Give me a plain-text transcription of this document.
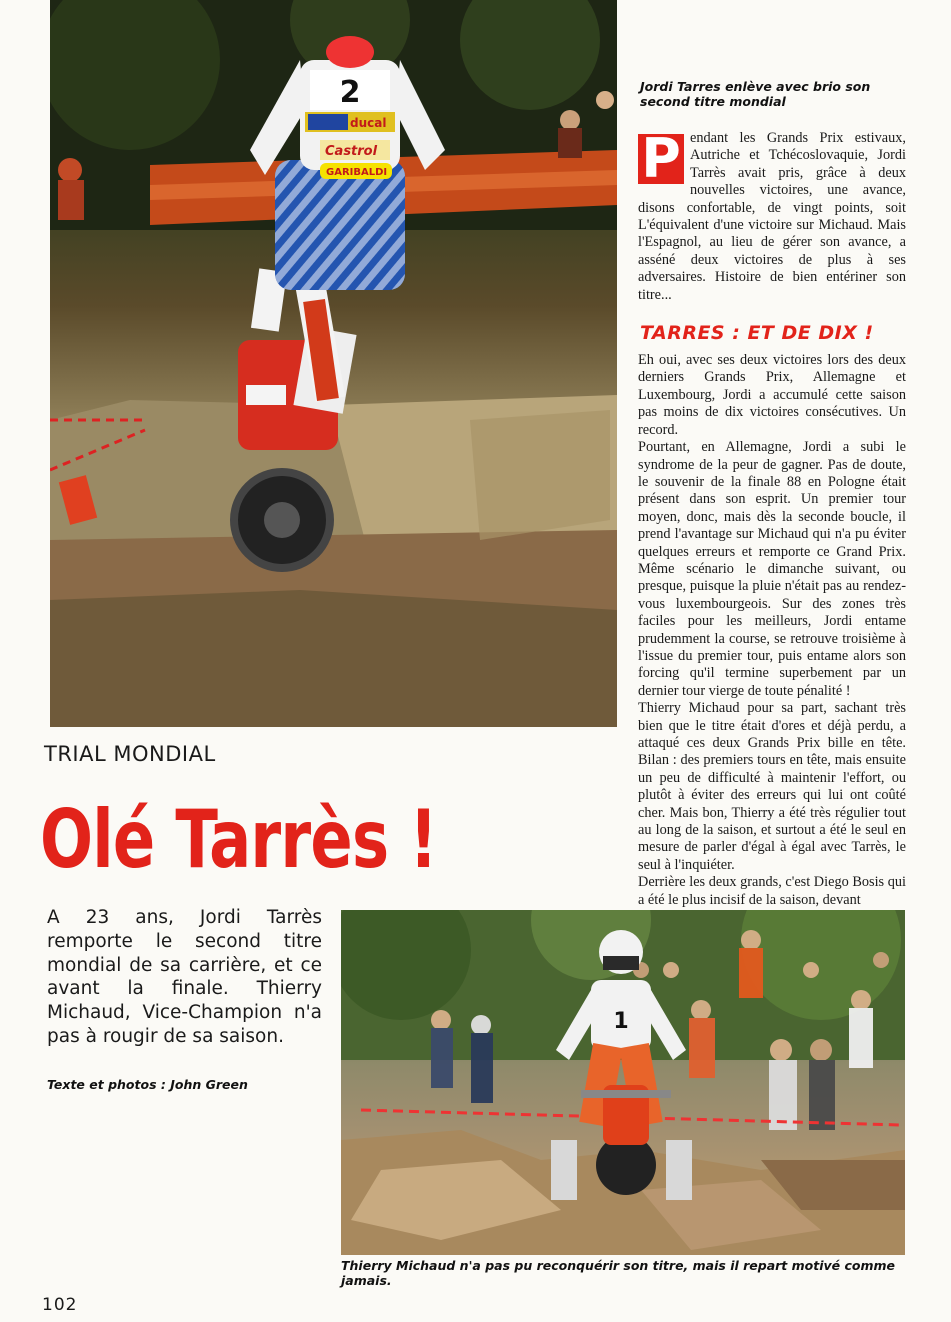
2
ducal
Castrol
GARIBALDI
Jordi Tarres enlève avec brio son second titre mondial

P endant les Grands Prix estivaux, Autriche et Tchécoslovaquie, Jordi Tarrès avait pris, grâce à deux nouvelles victoires, une avance, disons confortable, de vingt points, soit L'équivalent d'une victoire sur Michaud. Mais l'Espagnol, au lieu de gérer son avance, a asséné deux victoires de plus à ses adversaires. Histoire de bien entériner son titre...

TARRES : ET DE DIX !

Eh oui, avec ses deux victoires lors des deux derniers Grands Prix, Allemagne et Luxembourg, Jordi a accumulé cette saison pas moins de dix victoires consécutives. Un record.

Pourtant, en Allemagne, Jordi a subi le syndrome de la peur de gagner. Pas de doute, le souvenir de la finale 88 en Pologne était présent dans son esprit. Un premier tour moyen, donc, mais dès la seconde boucle, il prend l'avantage sur Michaud qui n'a pu éviter quelques erreurs et remporte ce Grand Prix. Même scénario le dimanche suivant, ou presque, puisque la pluie n'était pas au rendez-vous luxembourgeois. Sur des zones très faciles pour les meilleurs, Jordi entame prudemment la course, se retrouve troisième à l'issue du premier tour, puis entame alors son forcing qu'il termine superbement par un dernier tour vierge de toute pénalité !

Thierry Michaud pour sa part, sachant très bien que le titre était d'ores et déjà perdu, a attaqué ces deux Grands Prix bille en tête. Bilan : des premiers tours en tête, mais ensuite un peu de difficulté à maintenir l'effort, ou plutôt à éviter des erreurs qui lui ont coûté cher. Mais bon, Thierry a été très régulier tout au long de la saison, et surtout a été le seul en mesure de parler d'égal à égal avec Tarrès, le seul à l'inquiéter.

Derrière les deux grands, c'est Diego Bosis qui a été le plus incisif de la saison, devant

TRIAL MONDIAL
Olé Tarrès !
A 23 ans, Jordi Tarrès remporte le second titre mondial de sa carrière, et ce avant la finale. Thierry Michaud, Vice-Champion n'a pas à rougir de sa saison.
Texte et photos : John Green
1
Thierry Michaud n'a pas pu reconquérir son titre, mais il repart motivé comme jamais.
102
